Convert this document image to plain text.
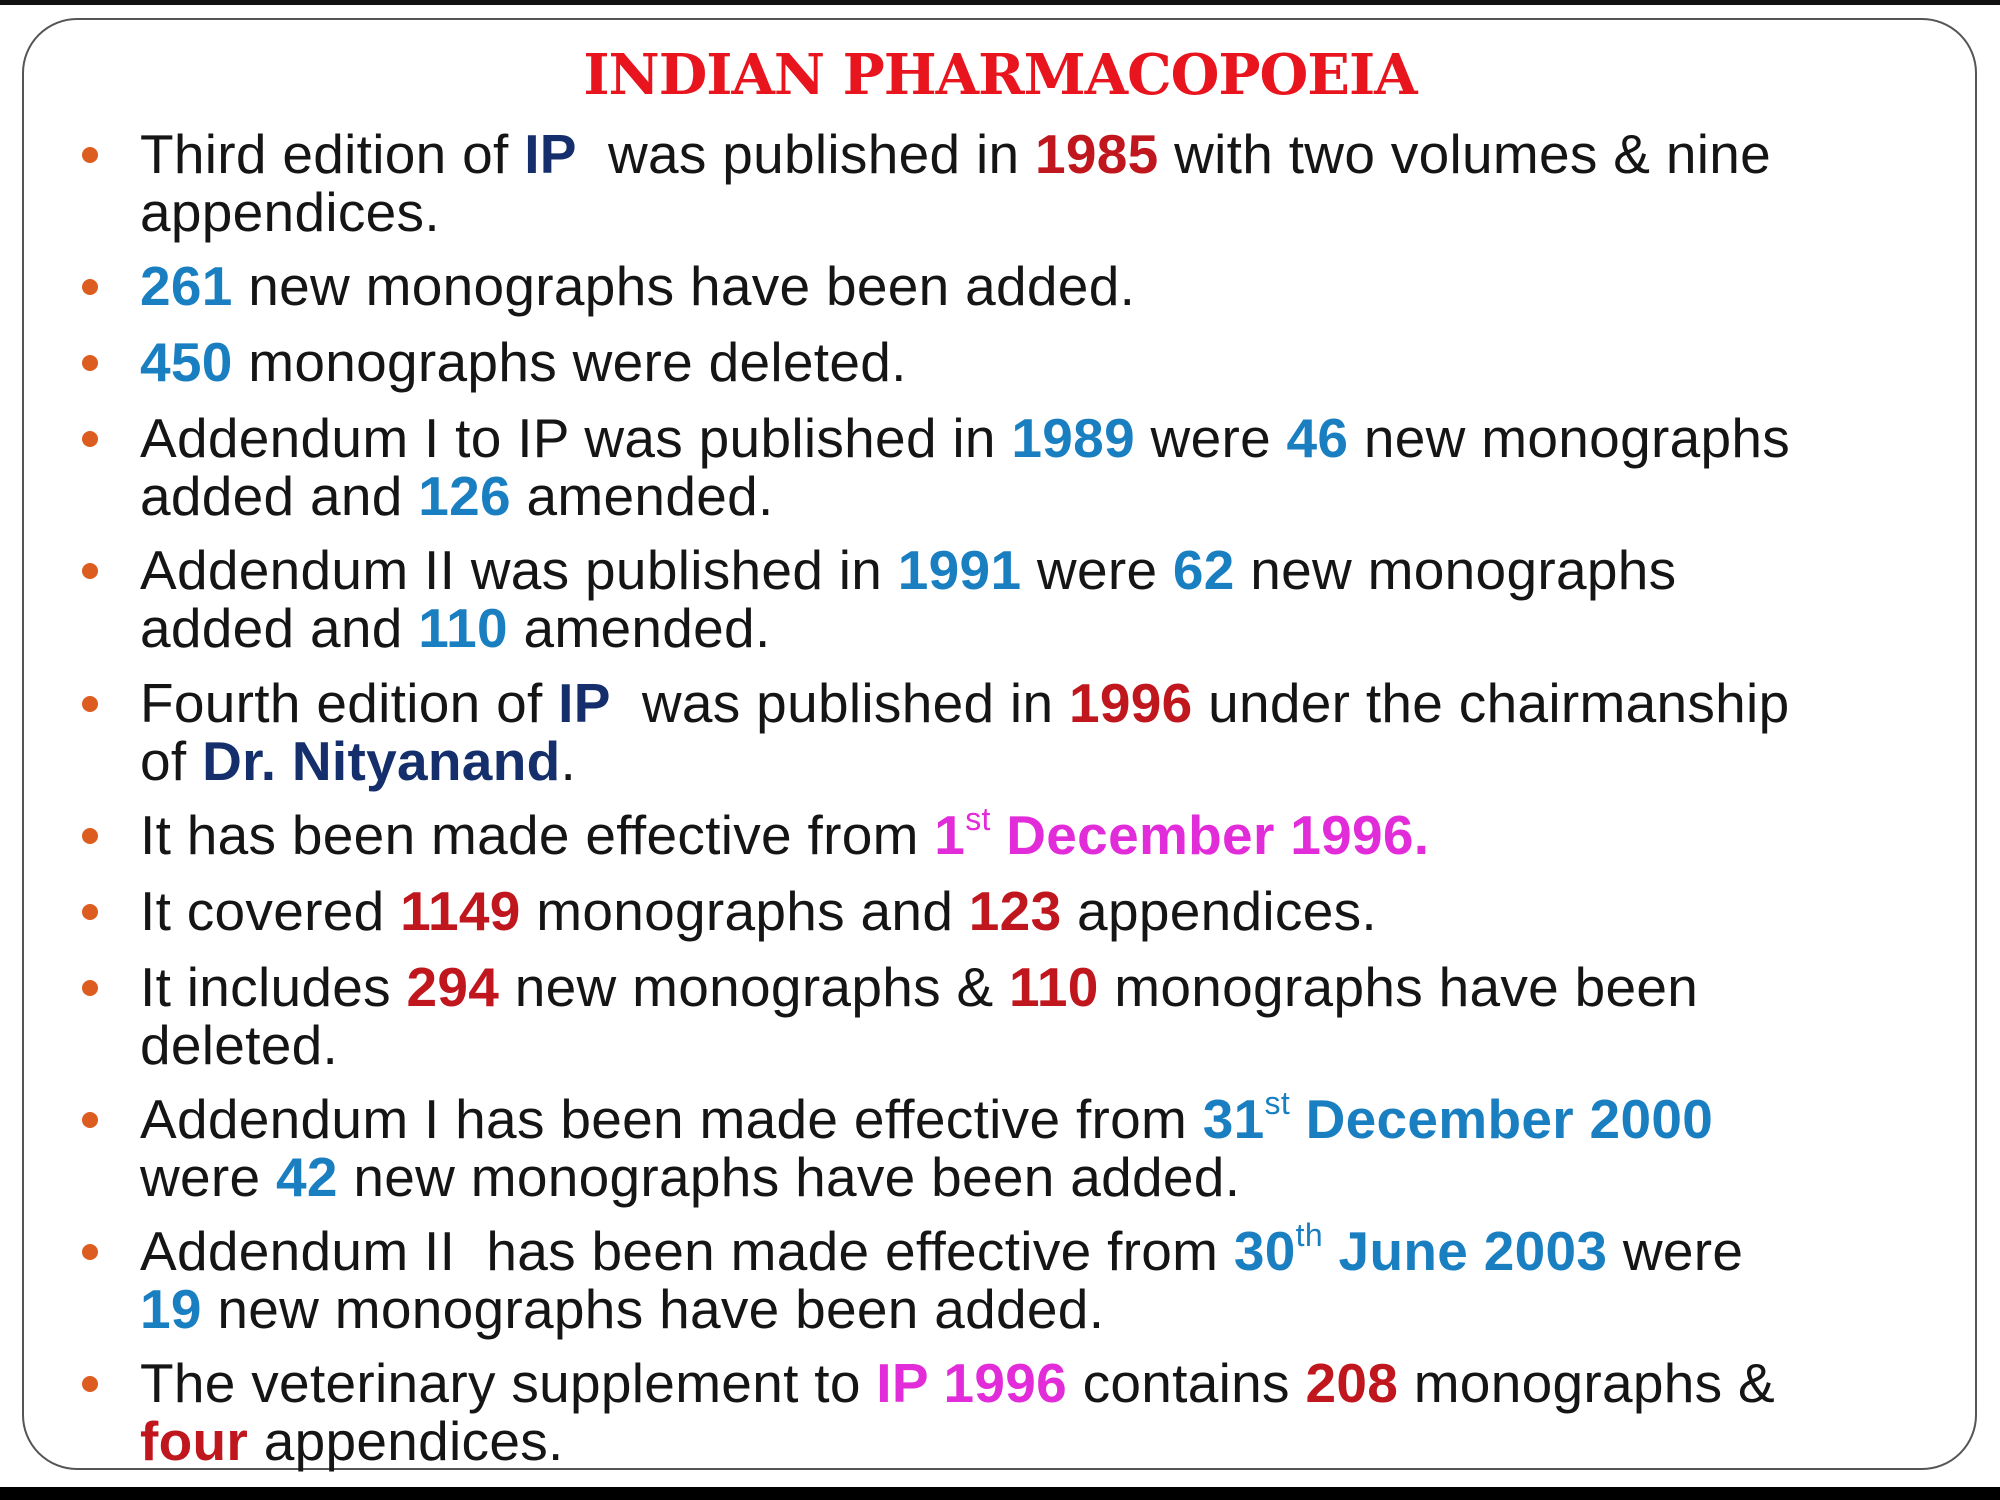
INDIAN PHARMACOPOEIA
Third edition of IP  was published in 1985 with two volumes & nine
appendices.
261 new monographs have been added.
450 monographs were deleted.
Addendum I to IP was published in 1989 were 46 new monographs
added and 126 amended.
Addendum II was published in 1991 were 62 new monographs
added and 110 amended.
Fourth edition of IP  was published in 1996 under the chairmanship
of Dr. Nityanand.
It has been made effective from 1st December 1996.
It covered 1149 monographs and 123 appendices.
It includes 294 new monographs & 110 monographs have been
deleted.
Addendum I has been made effective from 31st December 2000
were 42 new monographs have been added.
Addendum II  has been made effective from 30th June 2003 were
19 new monographs have been added.
The veterinary supplement to IP 1996 contains 208 monographs &
four appendices.
